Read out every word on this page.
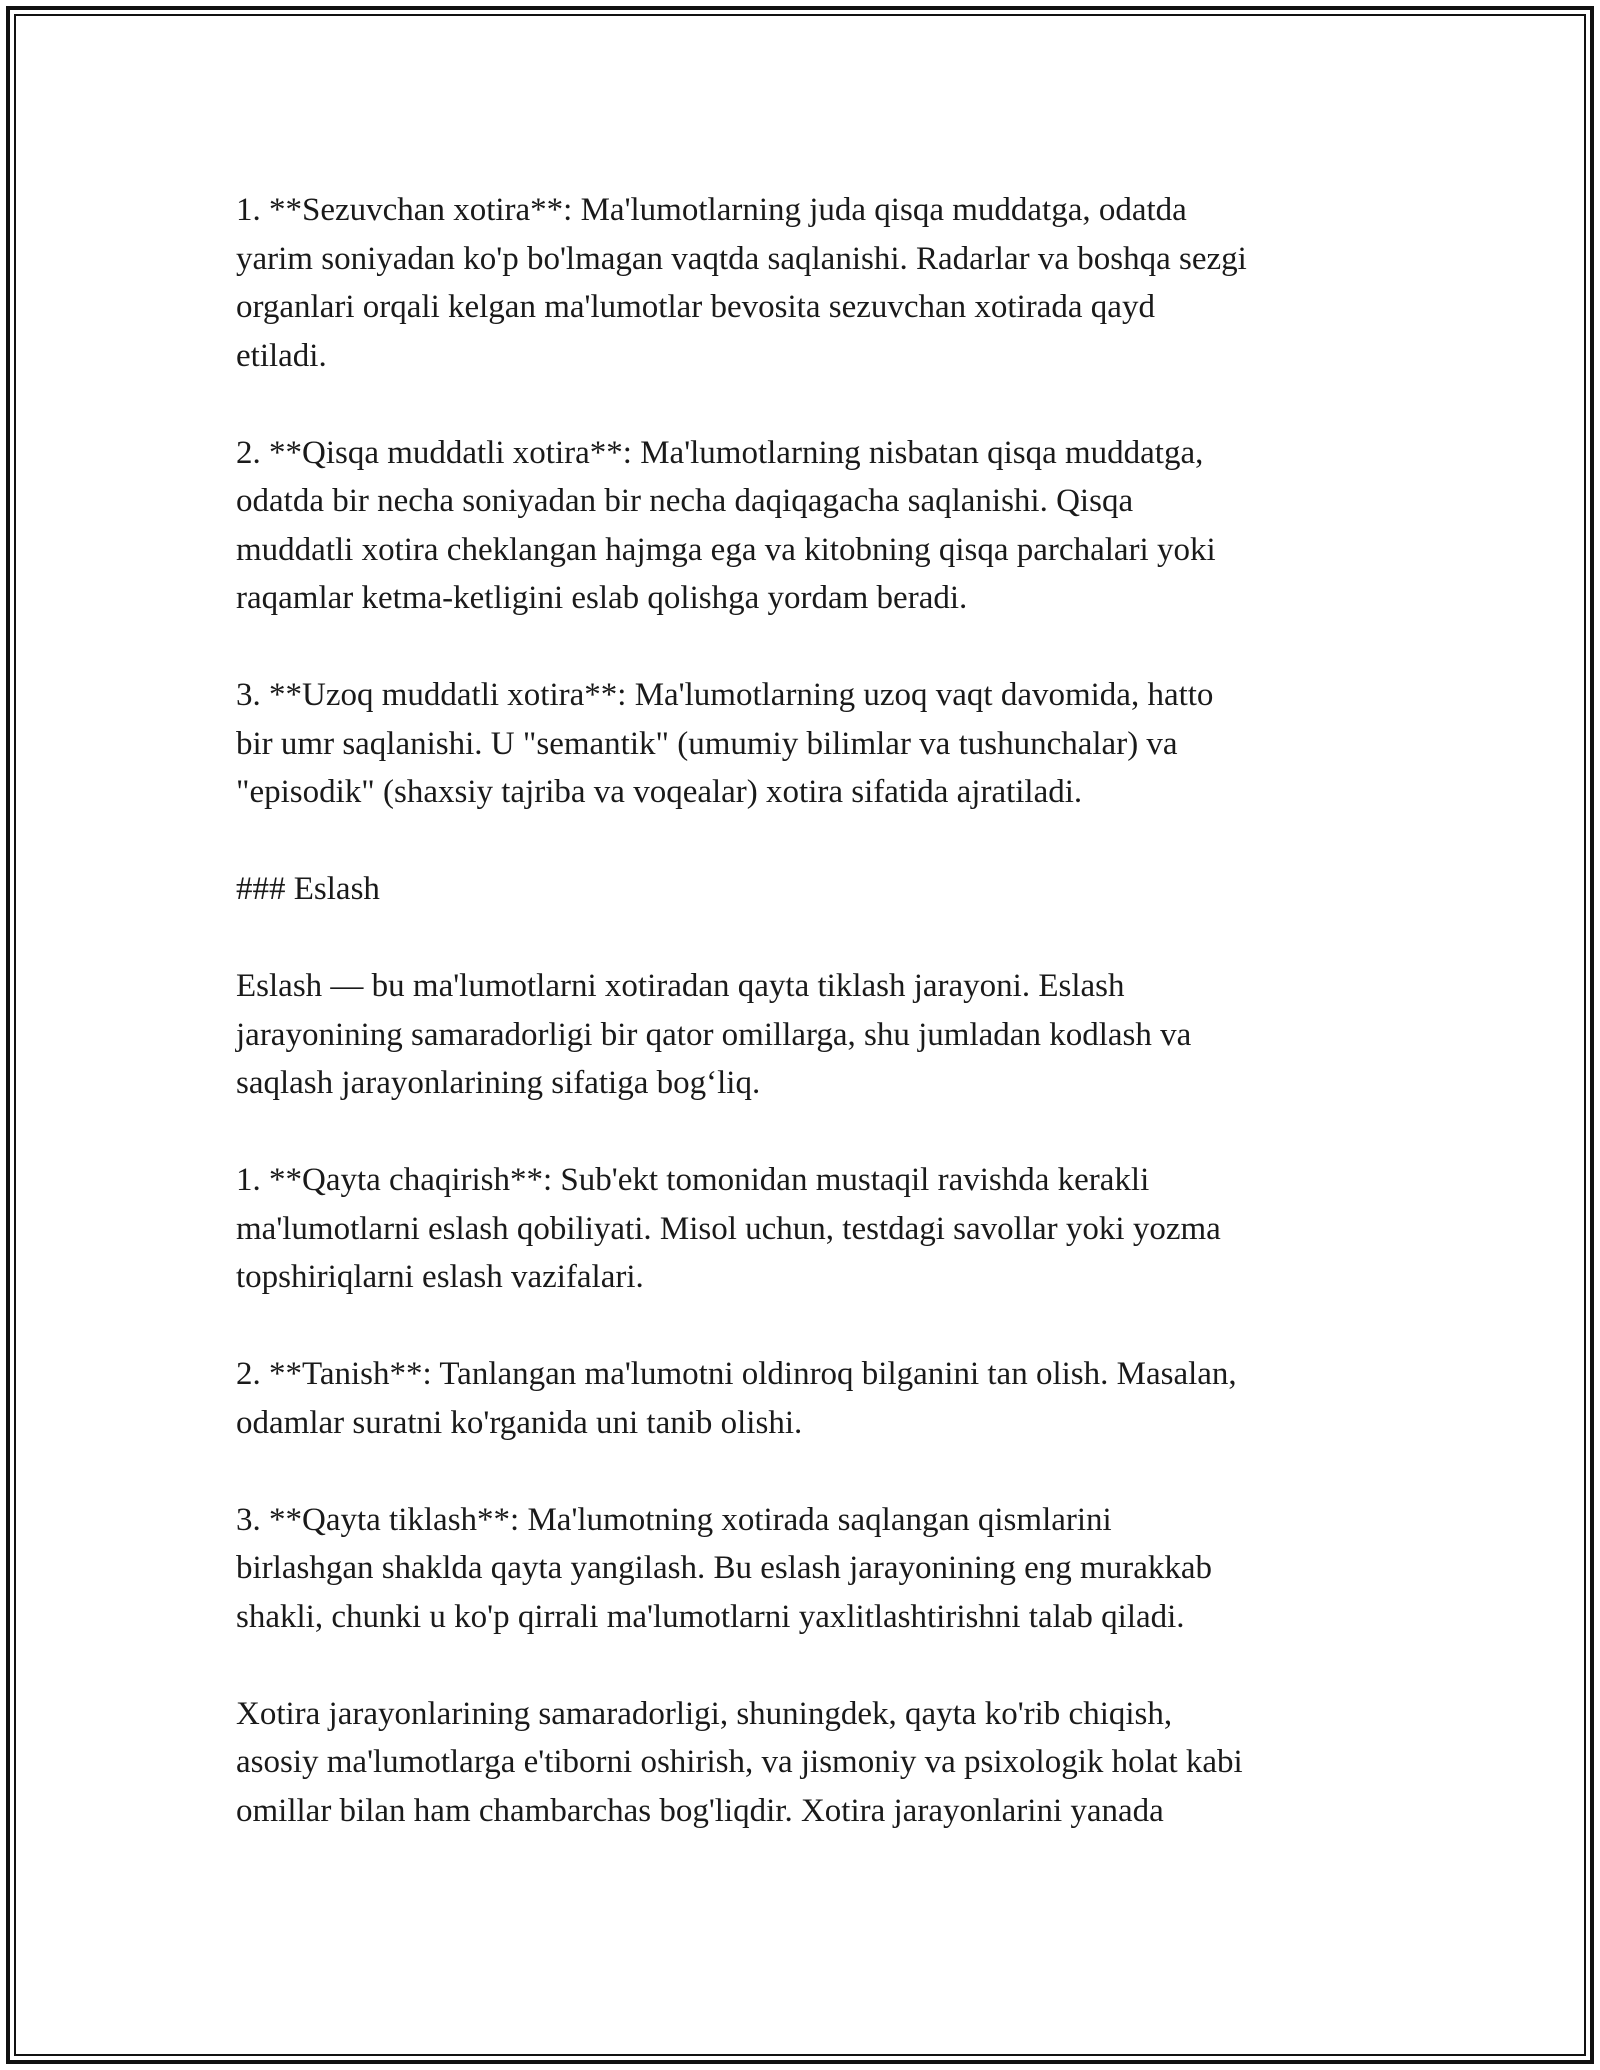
1. **Sezuvchan xotira**: Ma'lumotlarning juda qisqa muddatga, odatda
yarim soniyadan ko'p bo'lmagan vaqtda saqlanishi. Radarlar va boshqa sezgi
organlari orqali kelgan ma'lumotlar bevosita sezuvchan xotirada qayd
etiladi.

2. **Qisqa muddatli xotira**: Ma'lumotlarning nisbatan qisqa muddatga,
odatda bir necha soniyadan bir necha daqiqagacha saqlanishi. Qisqa
muddatli xotira cheklangan hajmga ega va kitobning qisqa parchalari yoki
raqamlar ketma-ketligini eslab qolishga yordam beradi.

3. **Uzoq muddatli xotira**: Ma'lumotlarning uzoq vaqt davomida, hatto
bir umr saqlanishi. U "semantik" (umumiy bilimlar va tushunchalar) va
"episodik" (shaxsiy tajriba va voqealar) xotira sifatida ajratiladi.

### Eslash

Eslash — bu ma'lumotlarni xotiradan qayta tiklash jarayoni. Eslash
jarayonining samaradorligi bir qator omillarga, shu jumladan kodlash va
saqlash jarayonlarining sifatiga bog‘liq.

1. **Qayta chaqirish**: Sub'ekt tomonidan mustaqil ravishda kerakli
ma'lumotlarni eslash qobiliyati. Misol uchun, testdagi savollar yoki yozma
topshiriqlarni eslash vazifalari.

2. **Tanish**: Tanlangan ma'lumotni oldinroq bilganini tan olish. Masalan,
odamlar suratni ko'rganida uni tanib olishi.

3. **Qayta tiklash**: Ma'lumotning xotirada saqlangan qismlarini
birlashgan shaklda qayta yangilash. Bu eslash jarayonining eng murakkab
shakli, chunki u ko'p qirrali ma'lumotlarni yaxlitlashtirishni talab qiladi.

Xotira jarayonlarining samaradorligi, shuningdek, qayta ko'rib chiqish,
asosiy ma'lumotlarga e'tiborni oshirish, va jismoniy va psixologik holat kabi
omillar bilan ham chambarchas bog'liqdir. Xotira jarayonlarini yanada
